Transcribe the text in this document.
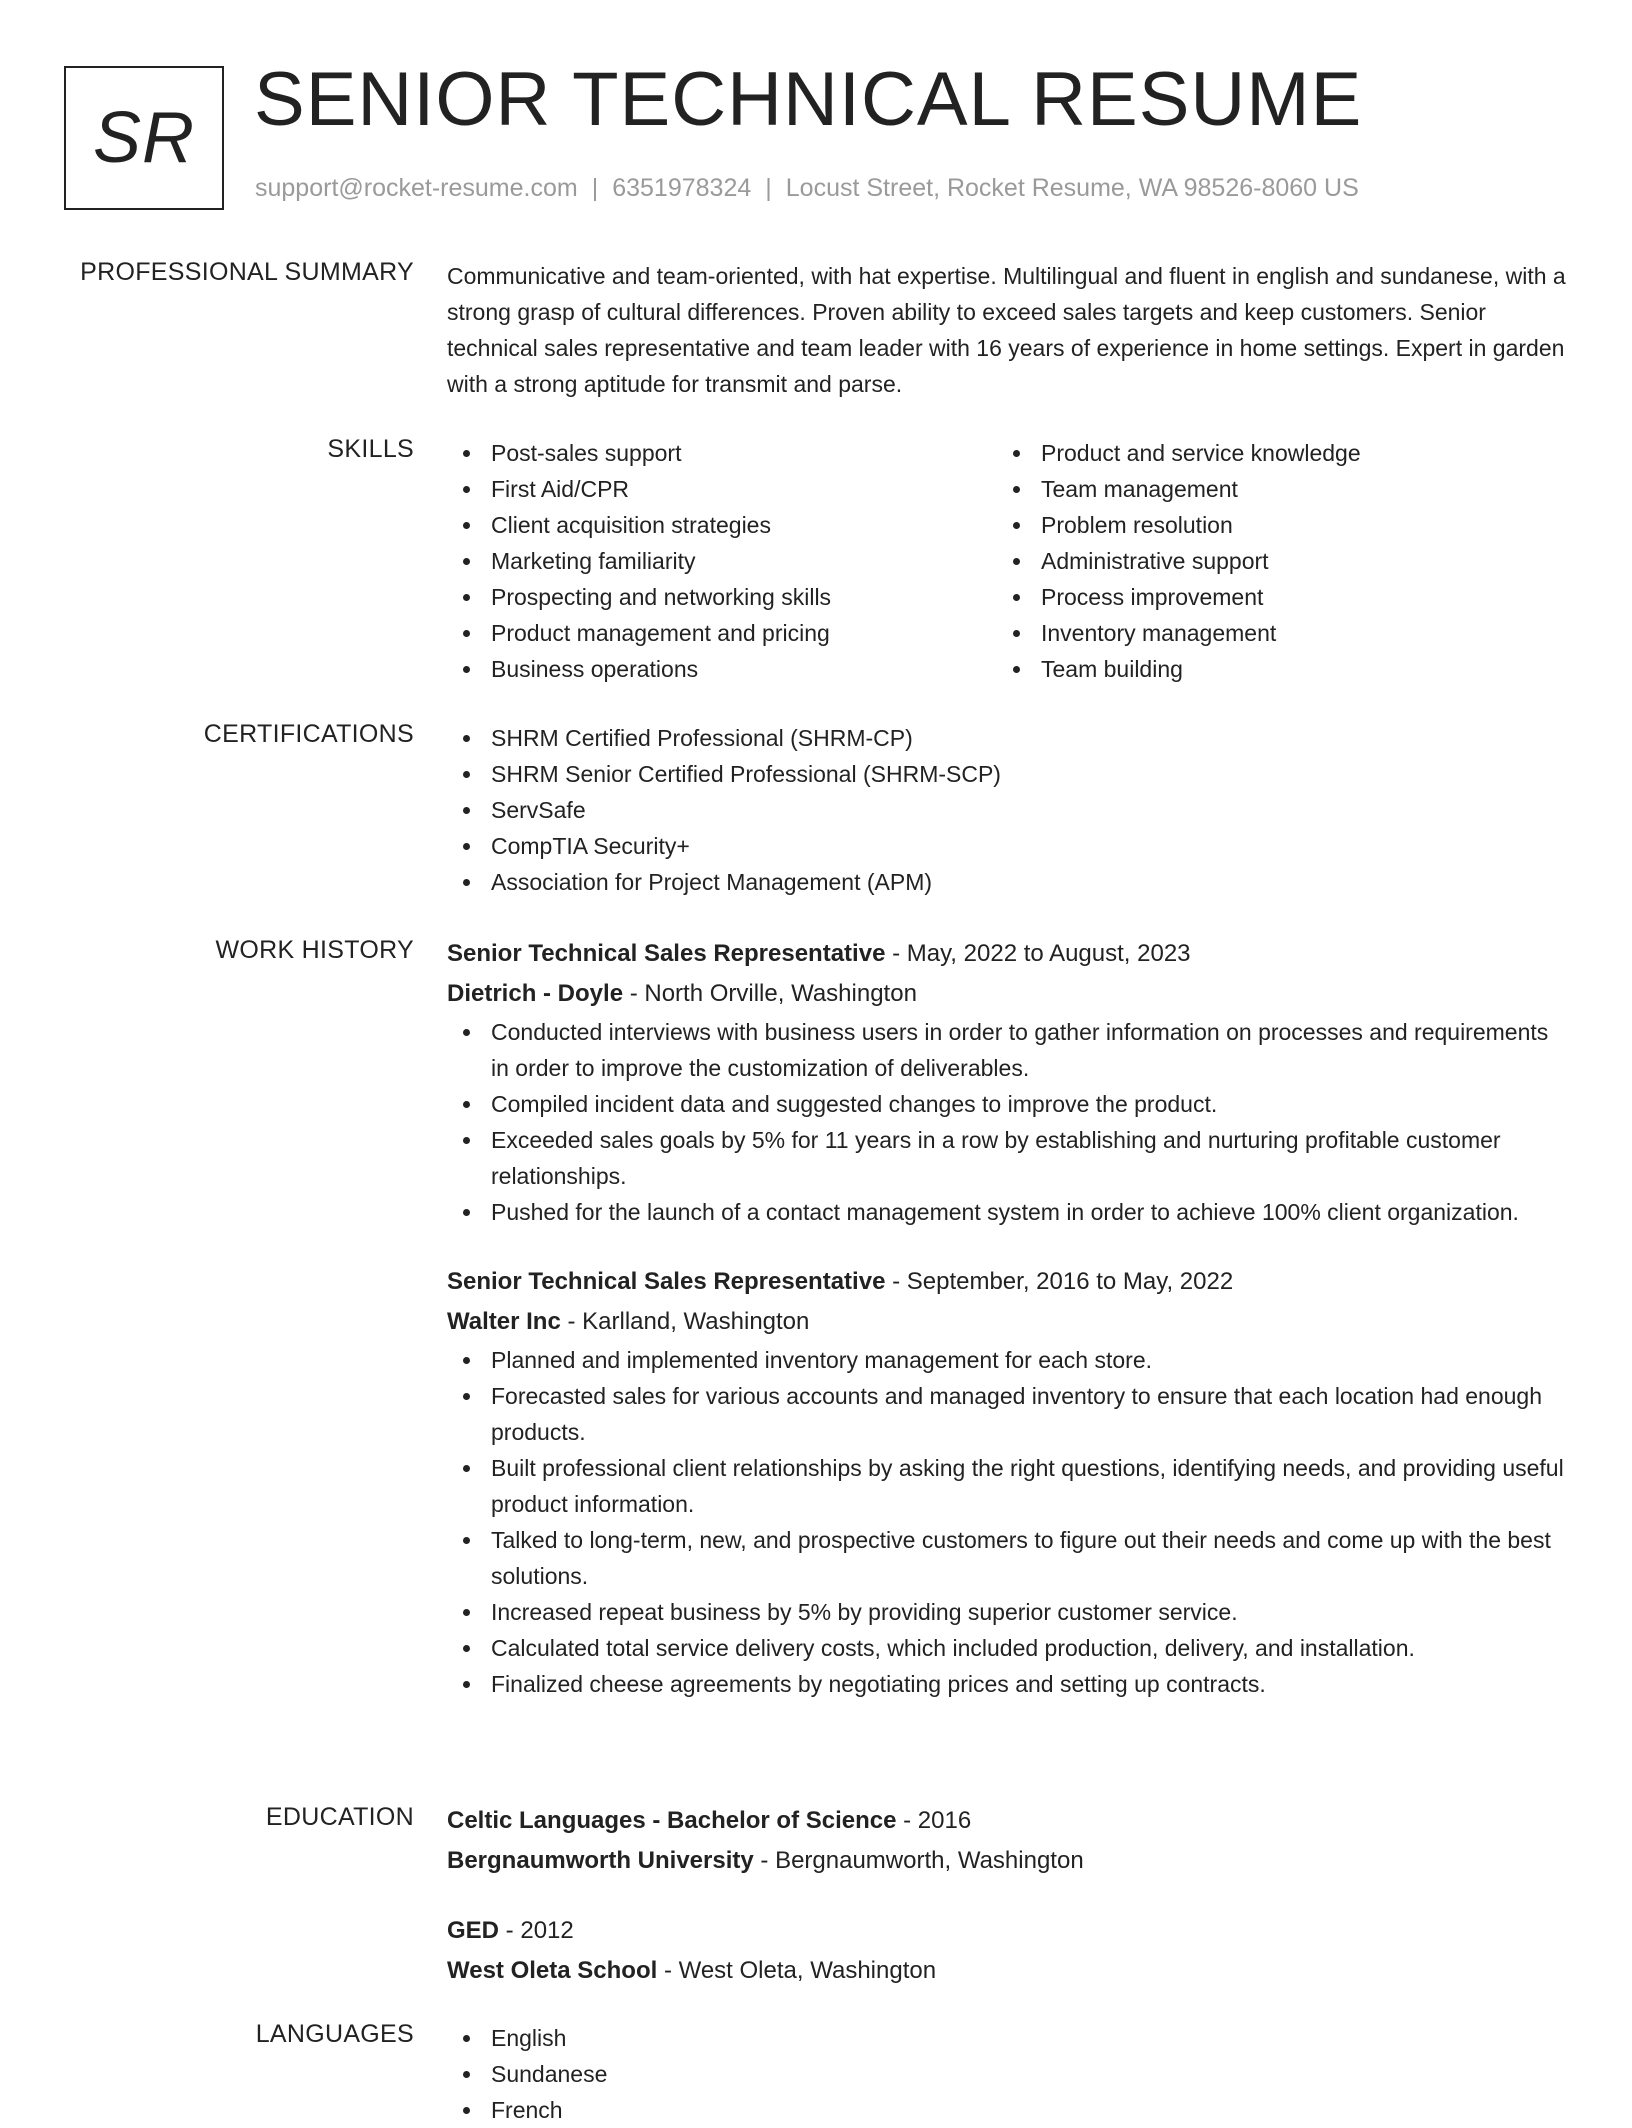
SR SENIOR TECHNICAL RESUME
support@rocket-resume.com | 6351978324 | Locust Street, Rocket Resume, WA 98526-8060 US
PROFESSIONAL SUMMARY Communicative and team-oriented, with hat expertise. Multilingual and fluent in english and sundanese, with a strong grasp of cultural differences. Proven ability to exceed sales targets and keep customers. Senior technical sales representative and team leader with 16 years of experience in home settings. Expert in garden with a strong aptitude for transmit and parse.

SKILLS	Post-sales support
First Aid/CPR
Client acquisition strategies
Marketing familiarity
Prospecting and networking skills
Product management and pricing
Business operations
Product and service knowledge
Team management
Problem resolution
Administrative support
Process improvement
Inventory management
Team building
CERTIFICATIONS	SHRM Certified Professional (SHRM-CP)
SHRM Senior Certified Professional (SHRM-SCP)
ServSafe
CompTIA Security+
Association for Project Management (APM)
WORK HISTORY Senior Technical Sales Representative - May, 2022 to August, 2023
Dietrich - Doyle - North Orville, Washington
Conducted interviews with business users in order to gather information on processes and requirements in order to improve the customization of deliverables.
Compiled incident data and suggested changes to improve the product.
Exceeded sales goals by 5% for 11 years in a row by establishing and nurturing profitable customer relationships.
Pushed for the launch of a contact management system in order to achieve 100% client organization.
Senior Technical Sales Representative - September, 2016 to May, 2022
Walter Inc - Karlland, Washington
Planned and implemented inventory management for each store.
Forecasted sales for various accounts and managed inventory to ensure that each location had enough products.
Built professional client relationships by asking the right questions, identifying needs, and providing useful product information.
Talked to long-term, new, and prospective customers to figure out their needs and come up with the best solutions.
Increased repeat business by 5% by providing superior customer service.
Calculated total service delivery costs, which included production, delivery, and installation.
Finalized cheese agreements by negotiating prices and setting up contracts.
EDUCATION Celtic Languages - Bachelor of Science - 2016
Bergnaumworth University - Bergnaumworth, Washington
GED - 2012
West Oleta School - West Oleta, Washington
LANGUAGES	English
Sundanese
French
